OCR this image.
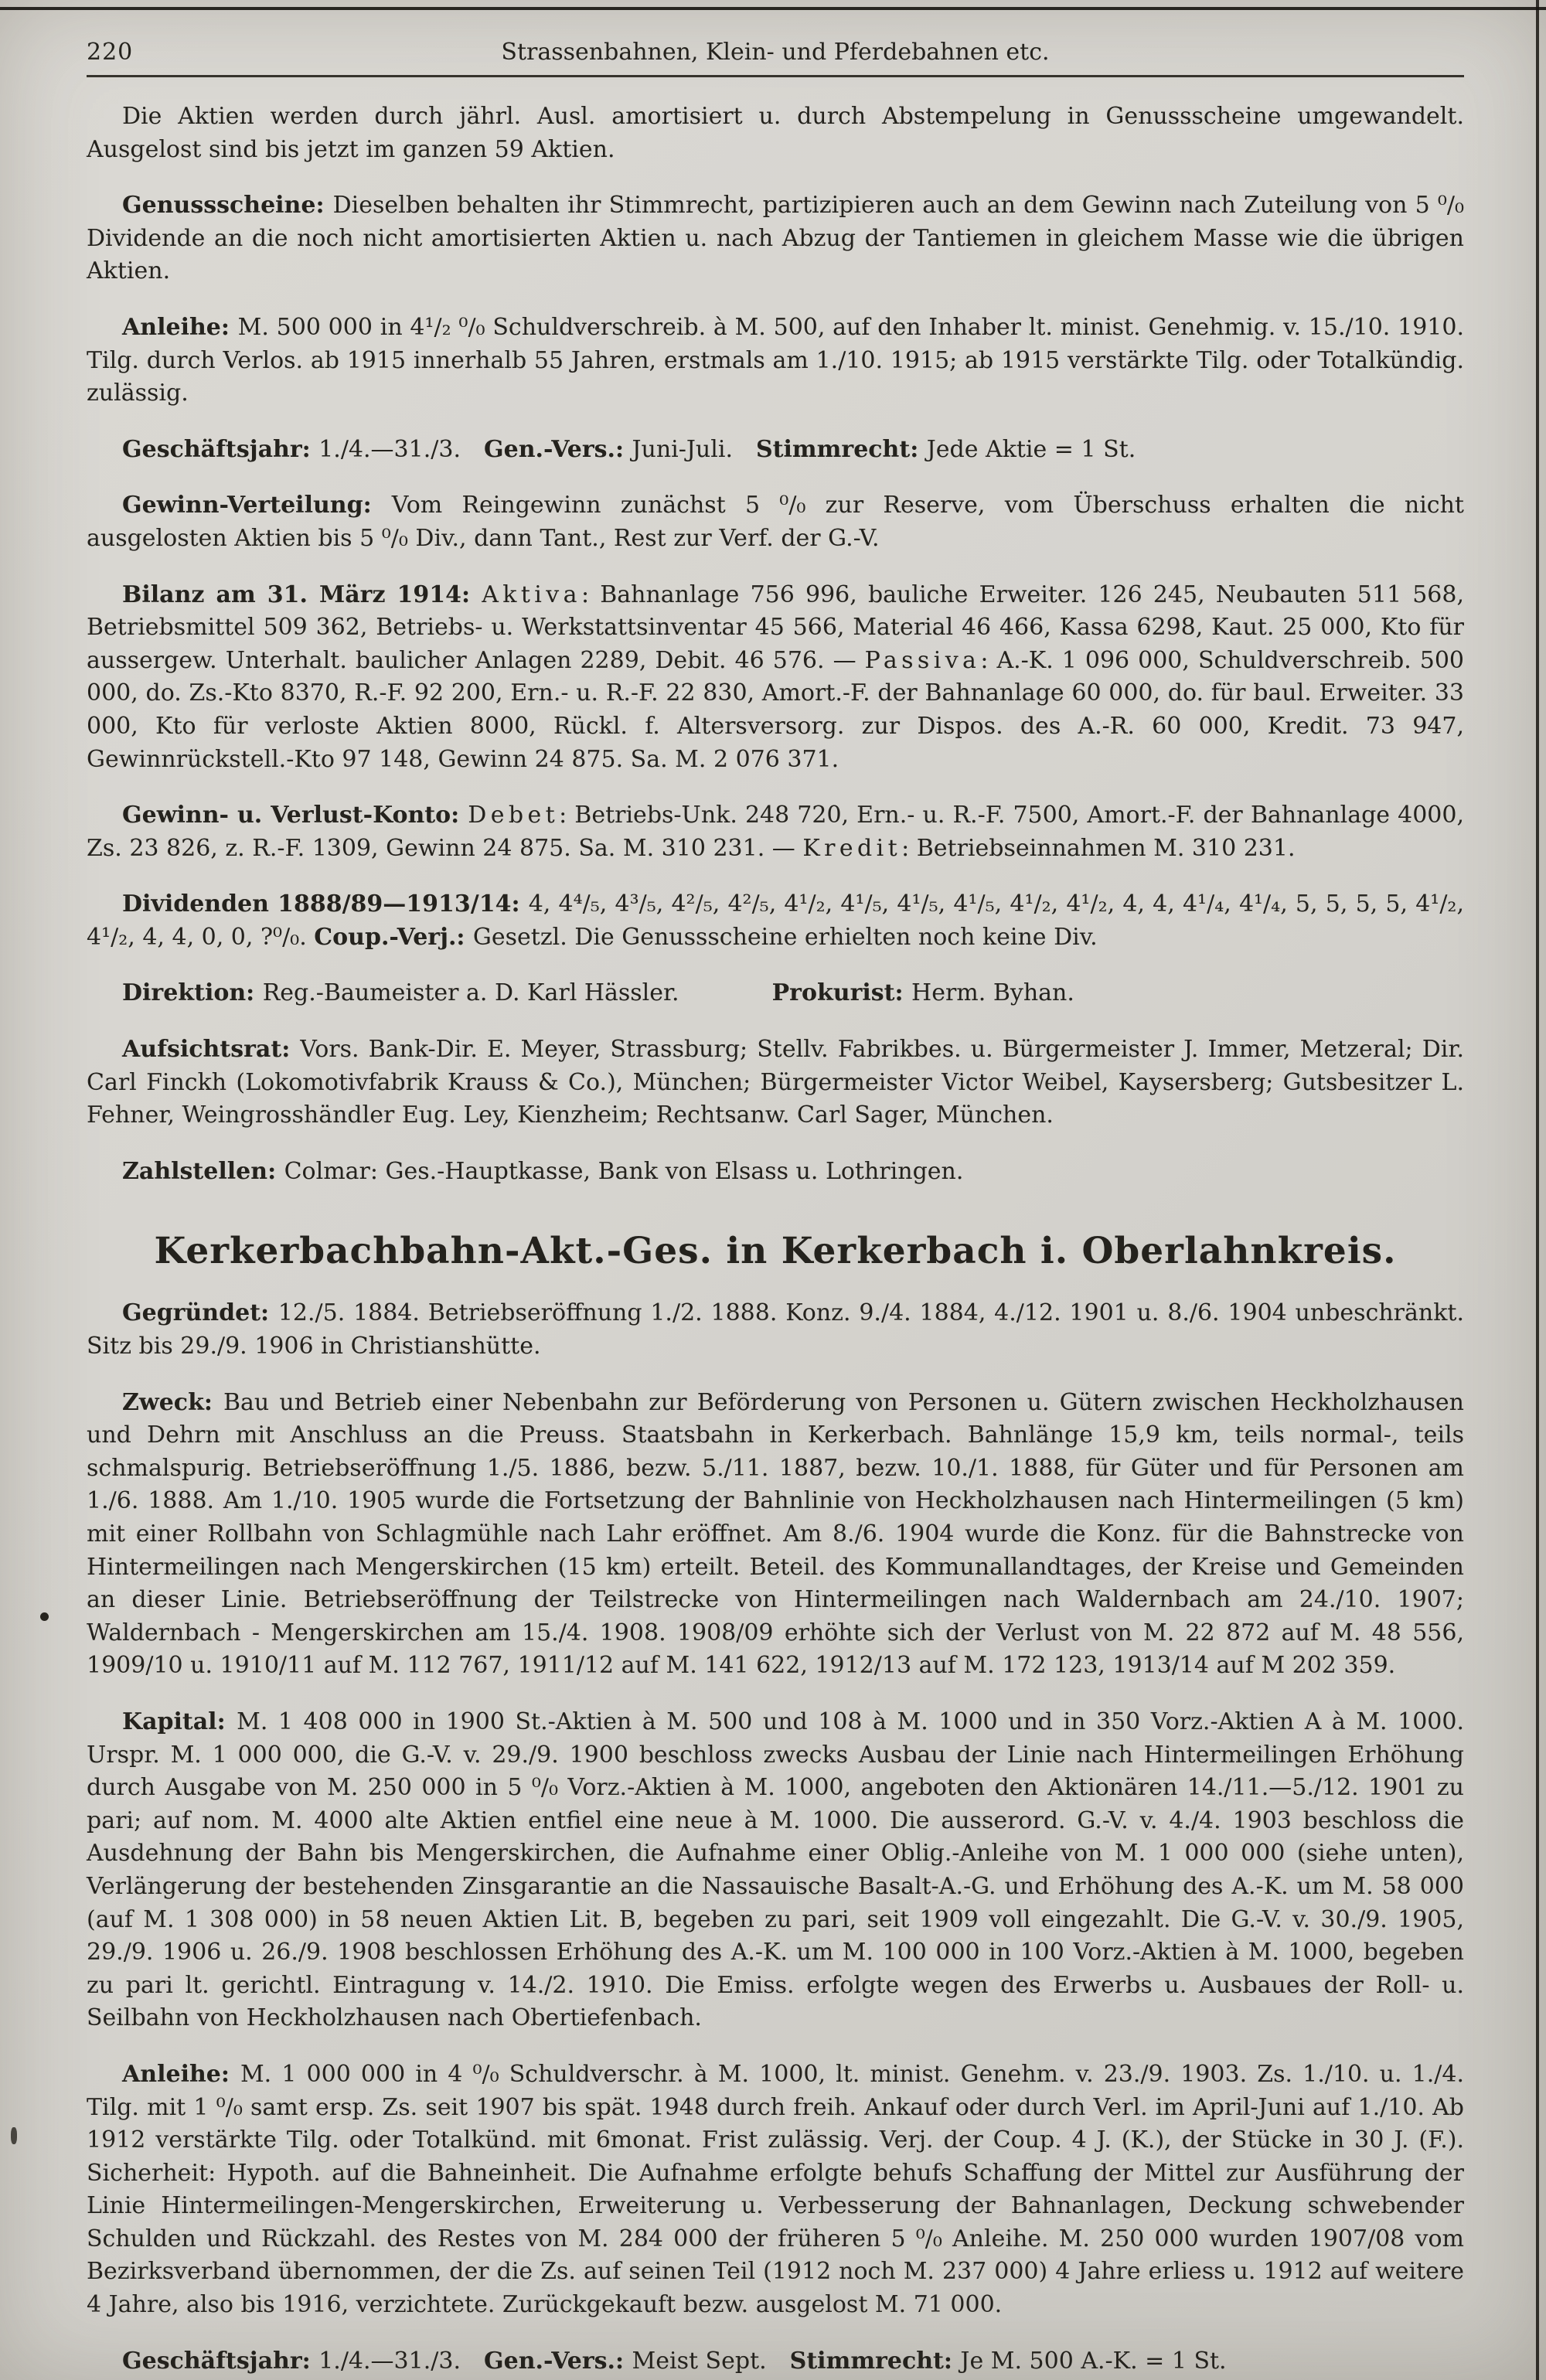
220	Strassenbahnen, Klein- und Pferdebahnen etc.

Die Aktien werden durch jährl. Ausl. amortisiert u. durch Abstempelung in Genussscheine umgewandelt. Ausgelost sind bis jetzt im ganzen 59 Aktien.

Genussscheine: Dieselben behalten ihr Stimmrecht, partizipieren auch an dem Gewinn nach Zuteilung von 5 ⁰/₀ Dividende an die noch nicht amortisierten Aktien u. nach Abzug der Tantiemen in gleichem Masse wie die übrigen Aktien.

Anleihe: M. 500 000 in 4¹/₂ ⁰/₀ Schuldverschreib. à M. 500, auf den Inhaber lt. minist. Genehmig. v. 15./10. 1910. Tilg. durch Verlos. ab 1915 innerhalb 55 Jahren, erstmals am 1./10. 1915; ab 1915 verstärkte Tilg. oder Totalkündig. zulässig.

Geschäftsjahr: 1./4.—31./3. Gen.-Vers.: Juni-Juli. Stimmrecht: Jede Aktie = 1 St.

Gewinn-Verteilung: Vom Reingewinn zunächst 5 ⁰/₀ zur Reserve, vom Überschuss erhalten die nicht ausgelosten Aktien bis 5 ⁰/₀ Div., dann Tant., Rest zur Verf. der G.-V.

Bilanz am 31. März 1914: Aktiva: Bahnanlage 756 996, bauliche Erweiter. 126 245, Neubauten 511 568, Betriebsmittel 509 362, Betriebs- u. Werkstattsinventar 45 566, Material 46 466, Kassa 6298, Kaut. 25 000, Kto für aussergew. Unterhalt. baulicher Anlagen 2289, Debit. 46 576. — Passiva: A.-K. 1 096 000, Schuldverschreib. 500 000, do. Zs.-Kto 8370, R.-F. 92 200, Ern.- u. R.-F. 22 830, Amort.-F. der Bahnanlage 60 000, do. für baul. Erweiter. 33 000, Kto für verloste Aktien 8000, Rückl. f. Altersversorg. zur Dispos. des A.-R. 60 000, Kredit. 73 947, Gewinnrückstell.-Kto 97 148, Gewinn 24 875. Sa. M. 2 076 371.

Gewinn- u. Verlust-Konto: Debet: Betriebs-Unk. 248 720, Ern.- u. R.-F. 7500, Amort.-F. der Bahnanlage 4000, Zs. 23 826, z. R.-F. 1309, Gewinn 24 875. Sa. M. 310 231. — Kredit: Betriebseinnahmen M. 310 231.

Dividenden 1888/89—1913/14: 4, 4⁴/₅, 4³/₅, 4²/₅, 4²/₅, 4¹/₂, 4¹/₅, 4¹/₅, 4¹/₅, 4¹/₂, 4¹/₂, 4, 4, 4¹/₄, 4¹/₄, 5, 5, 5, 5, 4¹/₂, 4¹/₂, 4, 4, 0, 0, ?⁰/₀. Coup.-Verj.: Gesetzl. Die Genussscheine erhielten noch keine Div.

Direktion: Reg.-Baumeister a. D. Karl Hässler.    Prokurist: Herm. Byhan.

Aufsichtsrat: Vors. Bank-Dir. E. Meyer, Strassburg; Stellv. Fabrikbes. u. Bürgermeister J. Immer, Metzeral; Dir. Carl Finckh (Lokomotivfabrik Krauss & Co.), München; Bürgermeister Victor Weibel, Kaysersberg; Gutsbesitzer L. Fehner, Weingrosshändler Eug. Ley, Kienzheim; Rechtsanw. Carl Sager, München.

Zahlstellen: Colmar: Ges.-Hauptkasse, Bank von Elsass u. Lothringen.

Kerkerbachbahn-Akt.-Ges. in Kerkerbach i. Oberlahnkreis.

Gegründet: 12./5. 1884. Betriebseröffnung 1./2. 1888. Konz. 9./4. 1884, 4./12. 1901 u. 8./6. 1904 unbeschränkt. Sitz bis 29./9. 1906 in Christianshütte.

Zweck: Bau und Betrieb einer Nebenbahn zur Beförderung von Personen u. Gütern zwischen Heckholzhausen und Dehrn mit Anschluss an die Preuss. Staatsbahn in Kerkerbach. Bahnlänge 15,9 km, teils normal-, teils schmalspurig. Betriebseröffnung 1./5. 1886, bezw. 5./11. 1887, bezw. 10./1. 1888, für Güter und für Personen am 1./6. 1888. Am 1./10. 1905 wurde die Fortsetzung der Bahnlinie von Heckholzhausen nach Hintermeilingen (5 km) mit einer Rollbahn von Schlagmühle nach Lahr eröffnet. Am 8./6. 1904 wurde die Konz. für die Bahnstrecke von Hintermeilingen nach Mengerskirchen (15 km) erteilt. Beteil. des Kommunallandtages, der Kreise und Gemeinden an dieser Linie. Betriebseröffnung der Teilstrecke von Hintermeilingen nach Waldernbach am 24./10. 1907; Waldernbach - Mengerskirchen am 15./4. 1908. 1908/09 erhöhte sich der Verlust von M. 22 872 auf M. 48 556, 1909/10 u. 1910/11 auf M. 112 767, 1911/12 auf M. 141 622, 1912/13 auf M. 172 123, 1913/14 auf M 202 359.

Kapital: M. 1 408 000 in 1900 St.-Aktien à M. 500 und 108 à M. 1000 und in 350 Vorz.-Aktien A à M. 1000. Urspr. M. 1 000 000, die G.-V. v. 29./9. 1900 beschloss zwecks Ausbau der Linie nach Hintermeilingen Erhöhung durch Ausgabe von M. 250 000 in 5 ⁰/₀ Vorz.-Aktien à M. 1000, angeboten den Aktionären 14./11.—5./12. 1901 zu pari; auf nom. M. 4000 alte Aktien entfiel eine neue à M. 1000. Die ausserord. G.-V. v. 4./4. 1903 beschloss die Ausdehnung der Bahn bis Mengerskirchen, die Aufnahme einer Oblig.-Anleihe von M. 1 000 000 (siehe unten), Verlängerung der bestehenden Zinsgarantie an die Nassauische Basalt-A.-G. und Erhöhung des A.-K. um M. 58 000 (auf M. 1 308 000) in 58 neuen Aktien Lit. B, begeben zu pari, seit 1909 voll eingezahlt. Die G.-V. v. 30./9. 1905, 29./9. 1906 u. 26./9. 1908 beschlossen Erhöhung des A.-K. um M. 100 000 in 100 Vorz.-Aktien à M. 1000, begeben zu pari lt. gerichtl. Eintragung v. 14./2. 1910. Die Emiss. erfolgte wegen des Erwerbs u. Ausbaues der Roll- u. Seilbahn von Heckholzhausen nach Obertiefenbach.

Anleihe: M. 1 000 000 in 4 ⁰/₀ Schuldverschr. à M. 1000, lt. minist. Genehm. v. 23./9. 1903. Zs. 1./10. u. 1./4. Tilg. mit 1 ⁰/₀ samt ersp. Zs. seit 1907 bis spät. 1948 durch freih. Ankauf oder durch Verl. im April-Juni auf 1./10. Ab 1912 verstärkte Tilg. oder Totalkünd. mit 6monat. Frist zulässig. Verj. der Coup. 4 J. (K.), der Stücke in 30 J. (F.). Sicherheit: Hypoth. auf die Bahneinheit. Die Aufnahme erfolgte behufs Schaffung der Mittel zur Ausführung der Linie Hintermeilingen-Mengerskirchen, Erweiterung u. Verbesserung der Bahnanlagen, Deckung schwebender Schulden und Rückzahl. des Restes von M. 284 000 der früheren 5 ⁰/₀ Anleihe. M. 250 000 wurden 1907/08 vom Bezirksverband übernommen, der die Zs. auf seinen Teil (1912 noch M. 237 000) 4 Jahre erliess u. 1912 auf weitere 4 Jahre, also bis 1916, verzichtete. Zurückgekauft bezw. ausgelost M. 71 000.

Geschäftsjahr: 1./4.—31./3. Gen.-Vers.: Meist Sept. Stimmrecht: Je M. 500 A.-K. = 1 St.
